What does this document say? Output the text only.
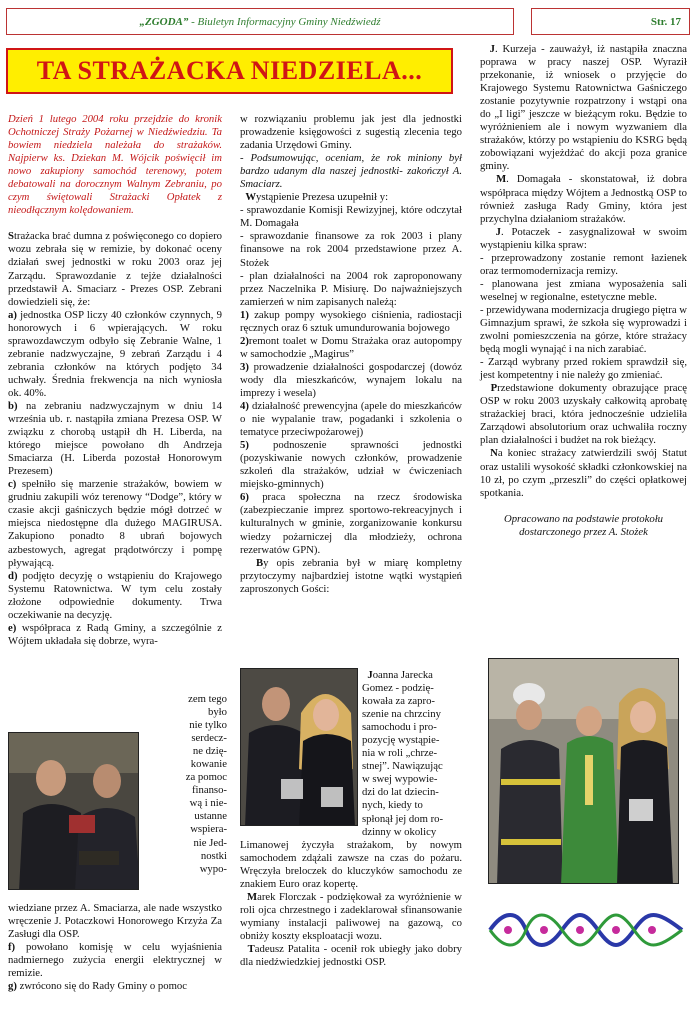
„ZGODA” - Biuletyn Informacyjny Gminy Niedźwiedź	Str. 17
TA STRAŻACKA NIEDZIELA...

Dzień 1 lutego 2004 roku przejdzie do kronik Ochotniczej Straży Pożarnej w Niedźwiedziu. Ta bowiem niedziela należała do strażaków. Najpierw ks. Dziekan M. Wójcik poświęcił im nowo zakupiony samochód terenowy, potem debatowali na dorocznym Walnym Zebraniu, po czym świętowali Strażacki Opłatek z nieodłącznym kolędowaniem.

Strażacka brać dumna z poświęconego co dopiero wozu zebrała się w remizie, by dokonać oceny działań swej jednostki w roku 2003 oraz jej Zarządu. Sprawozdanie z tejże działalności przedstawił A. Smaciarz - Prezes OSP. Zebrani dowiedzieli się, że:

a) jednostka OSP liczy 40 członków czynnych, 9 honorowych i 6 wpierających. W roku sprawozdawczym odbyło się Zebranie Walne, 1 zebranie nadzwyczajne, 9 zebrań Zarządu i 4 zebrania członków na których podjęto 34 uchwały. Średnia frekwencja na nich wyniosła ok. 40%.

b) na zebraniu nadzwyczajnym w dniu 14 września ub. r. nastąpiła zmiana Prezesa OSP. W związku z chorobą ustąpił dh H. Liberda, na którego miejsce powołano dh Andrzeja Smaciarza (H. Liberda pozostał Honorowym Prezesem)

c) spełniło się marzenie strażaków, bowiem w grudniu zakupili wóz terenowy “Dodge”, który w czasie akcji gaśniczych będzie mógł dotrzeć w miejsca niedostępne dla dużego MAGIRUSA. Zakupiono ponadto 8 ubrań bojowych azbestowych, agregat prądotwórczy i pompę pływającą.

d) podjęto decyzję o wstąpieniu do Krajowego Systemu Ratownictwa. W tym celu zostały złożone odpowiednie dokumenty. Trwa oczekiwanie na decyzję.

e) współpraca z Radą Gminy, a szczególnie z Wójtem układała się dobrze, wyra-

zem tego
było
nie tylko
serdecz-
ne dzię-
kowanie
za pomoc
finanso-
wą i nie-
ustanne
wspiera-
nie Jed-
nostki
wypo-

wiedziane przez A. Smaciarza, ale nade wszystko wręczenie J. Potaczkowi Honorowego Krzyża Za Zasługi dla OSP.

f) powołano komisję w celu wyjaśnienia nadmiernego zużycia energii elektrycznej w remizie.

g) zwrócono się do Rady Gminy o pomoc

w rozwiązaniu problemu jak jest dla jednostki prowadzenie księgowości z sugestią zlecenia tego zadania Urzędowi Gminy.

- Podsumowując, oceniam, że rok miniony był bardzo udanym dla naszej jednostki- zakończył A. Smaciarz.

Wystąpienie Prezesa uzupełnił y:

- sprawozdanie Komisji Rewizyjnej, które odczytał M. Domagała

- sprawozdanie finansowe za rok 2003 i plany finansowe na rok 2004 przedstawione przez A. Stożek

- plan działalności na 2004 rok zaproponowany przez Naczelnika P. Misiurę. Do najważniejszych zamierzeń w nim zapisanych należą:

1) zakup pompy wysokiego ciśnienia, radiostacji ręcznych oraz 6 sztuk umundurowania bojowego

2)remont toalet w Domu Strażaka oraz autopompy w samochodzie „Magirus”

3) prowadzenie działalności gospodarczej (dowóz wody dla mieszkańców, wynajem lokalu na imprezy i wesela)

4) działalność prewencyjna (apele do mieszkańców o nie wypalanie traw, pogadanki i szkolenia o tematyce przeciwpożarowej)

5) podnoszenie sprawności jednostki (pozyskiwanie nowych członków, prowadzenie szkoleń dla strażaków, udział w ćwiczeniach miejsko-gminnych)

6) praca społeczna na rzecz środowiska (zabezpieczanie imprez sportowo-rekreacyjnych i kulturalnych w gminie, zorganizowanie konkursu wiedzy pożarniczej dla młodzieży, ochrona rezerwatów GPN).

By opis zebrania był w miarę kompletny przytoczymy najbardziej istotne wątki wystąpień zaproszonych Gości:

Joanna Jarecka
Gomez - podzię-
kowała za zapro-
szenie na chrzciny
samochodu i pro-
pozycję wystąpie-
nia w roli „chrze-
stnej”. Nawiązując
w swej wypowie-
dzi do lat dziecin-
nych, kiedy to
spłonął jej dom ro-
dzinny w okolicy

Limanowej życzyła strażakom, by nowym samochodem zdążali zawsze na czas do pożaru. Wręczyła breloczek do kluczyków samochodu ze znakiem Euro oraz kopertę.

Marek Florczak - podziękował za wyróżnienie w roli ojca chrzestnego i zadeklarował sfinansowanie wymiany instalacji paliwowej na gazową, co obniży koszty eksploatacji wozu.

Tadeusz Patalita - ocenił rok ubiegły jako dobry dla niedźwiedzkiej jednostki OSP.

J. Kurzeja - zauważył, iż nastąpiła znaczna poprawa w pracy naszej OSP. Wyraził przekonanie, iż wniosek o przyjęcie do Krajowego Systemu Ratownictwa Gaśniczego zostanie pozytywnie rozpatrzony i wstąpi ona do „I ligi” jeszcze w bieżącym roku. Będzie to wyróżnieniem ale i nowym wyzwaniem dla strażaków, którzy po wstąpieniu do KSRG będą zobowiązani wyjeżdżać do akcji poza granice gminy.

M. Domagała - skonstatował, iż dobra współpraca między Wójtem a Jednostką OSP to również zasługa Rady Gminy, która jest przychylna działaniom strażaków.

J. Potaczek - zasygnalizował w swoim wystąpieniu kilka spraw:

- przeprowadzony zostanie remont łazienek oraz termomodernizacja remizy.

- planowana jest zmiana wyposażenia sali weselnej w regionalne, estetyczne meble.

- przewidywana modernizacja drugiego piętra w Gimnazjum sprawi, że szkoła się wyprowadzi i zwolni pomieszczenia na górze, które strażacy będą mogli wynająć i na nich zarabiać.

- Zarząd wybrany przed rokiem sprawdził się, jest kompetentny i nie należy go zmieniać.

Przedstawione dokumenty obrazujące pracę OSP w roku 2003 uzyskały całkowitą aprobatę strażackiej braci, która jednocześnie udzieliła Zarządowi absolutorium oraz uchwaliła roczny plan działalności i budżet na rok bieżący.

Na koniec strażacy zatwierdzili swój Statut oraz ustalili wysokość składki członkowskiej na 10 zł, po czym „przeszli” do części opłatkowej spotkania.

Opracowano na podstawie protokołu dostarczonego przez A. Stożek
